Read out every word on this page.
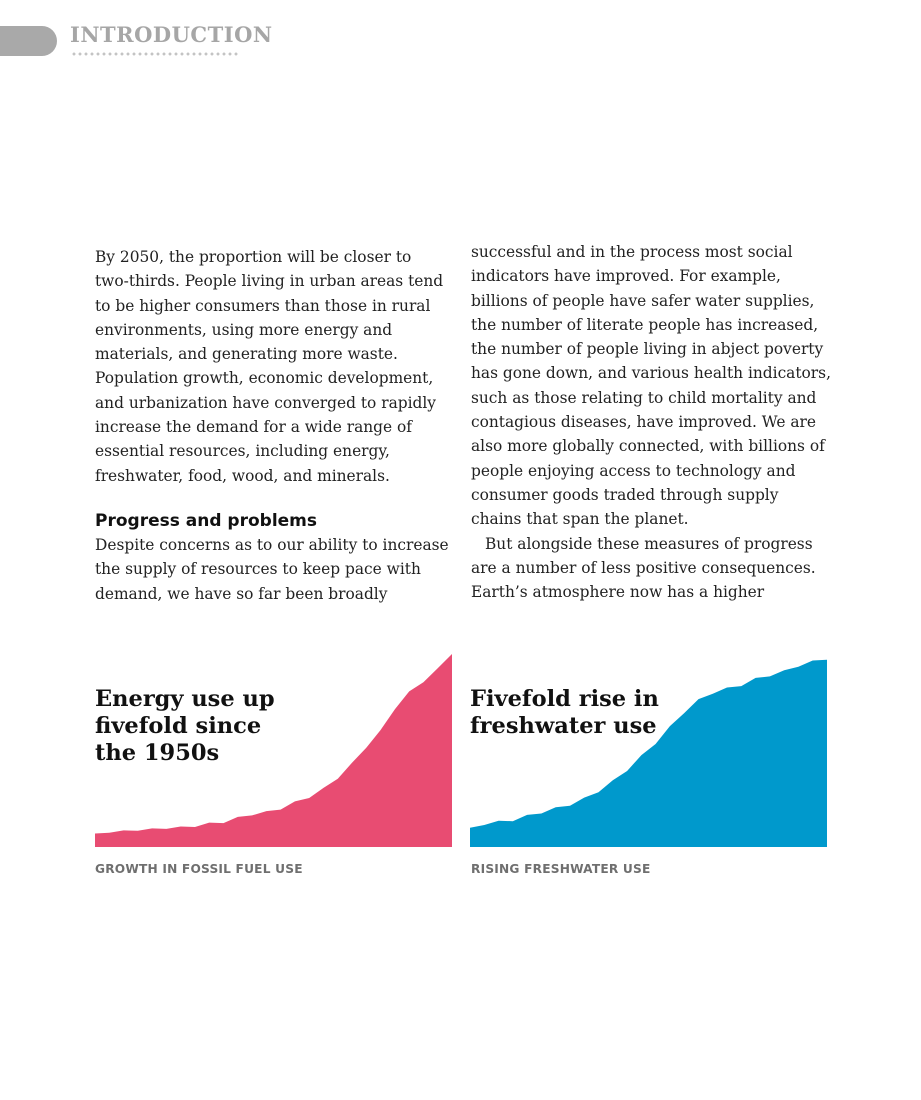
INTRODUCTION

By 2050, the proportion will be closer to
two-thirds. People living in urban areas tend
to be higher consumers than those in rural
environments, using more energy and
materials, and generating more waste.
Population growth, economic development,
and urbanization have converged to rapidly
increase the demand for a wide range of
essential resources, including energy,
freshwater, food, wood, and minerals.

Progress and problems

Despite concerns as to our ability to increase
the supply of resources to keep pace with
demand, we have so far been broadly

successful and in the process most social
indicators have improved. For example,
billions of people have safer water supplies,
the number of literate people has increased,
the number of people living in abject poverty
has gone down, and various health indicators,
such as those relating to child mortality and
contagious diseases, have improved. We are
also more globally connected, with billions of
people enjoying access to technology and
consumer goods traded through supply
chains that span the planet.

But alongside these measures of progress
are a number of less positive consequences.
Earth’s atmosphere now has a higher

Energy use up
fivefold since
the 1950s
GROWTH IN FOSSIL FUEL USE
Fivefold rise in
freshwater use
RISING FRESHWATER USE
